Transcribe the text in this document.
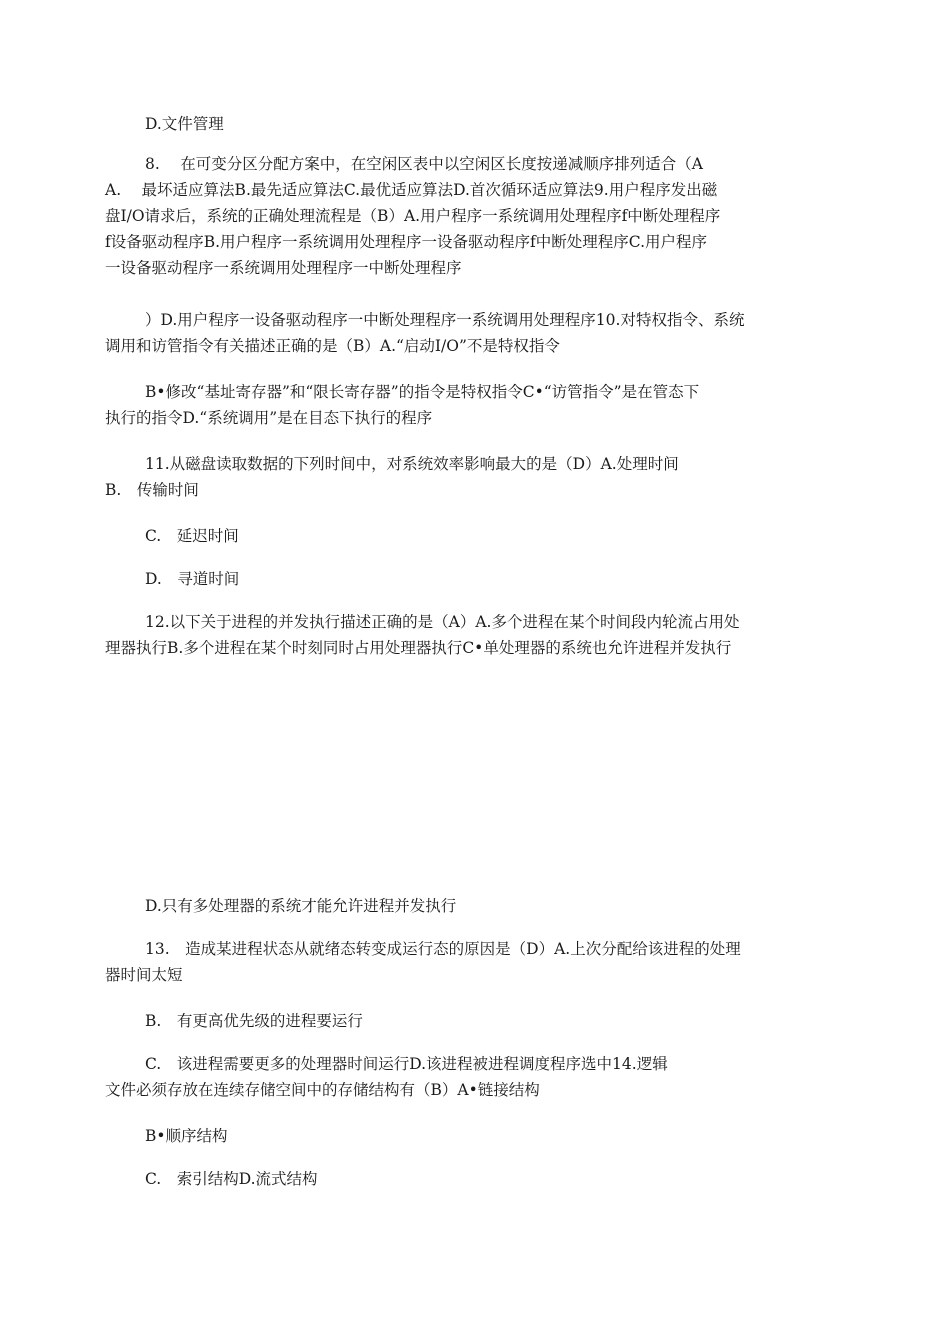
D.文件管理

8.　 在可变分区分配方案中，在空闲区表中以空闲区长度按递减顺序排列适合（A
A.　 最坏适应算法B.最先适应算法C.最优适应算法D.首次循环适应算法9.用户程序发出磁
盘I/O请求后，系统的正确处理流程是（B）A.用户程序一系统调用处理程序f中断处理程序
f设备驱动程序B.用户程序一系统调用处理程序一设备驱动程序f中断处理程序C.用户程序
一设备驱动程序一系统调用处理程序一中断处理程序

）D.用户程序一设备驱动程序一中断处理程序一系统调用处理程序10.对特权指令、系统
调用和访管指令有关描述正确的是（B）A.“启动I/O”不是特权指令

B•修改“基址寄存器”和“限长寄存器”的指令是特权指令C•“访管指令”是在管态下
执行的指令D.“系统调用”是在目态下执行的程序

11.从磁盘读取数据的下列时间中，对系统效率影响最大的是（D）A.处理时间
B.　传输时间

C.　延迟时间

D.　寻道时间

12.以下关于进程的并发执行描述正确的是（A）A.多个进程在某个时间段内轮流占用处
理器执行B.多个进程在某个时刻同时占用处理器执行C•单处理器的系统也允许进程并发执行

D.只有多处理器的系统才能允许进程并发执行

13.　造成某进程状态从就绪态转变成运行态的原因是（D）A.上次分配给该进程的处理
器时间太短

B.　有更高优先级的进程要运行

C.　该进程需要更多的处理器时间运行D.该进程被进程调度程序选中14.逻辑
文件必须存放在连续存储空间中的存储结构有（B）A•链接结构

B•顺序结构

C.　索引结构D.流式结构
